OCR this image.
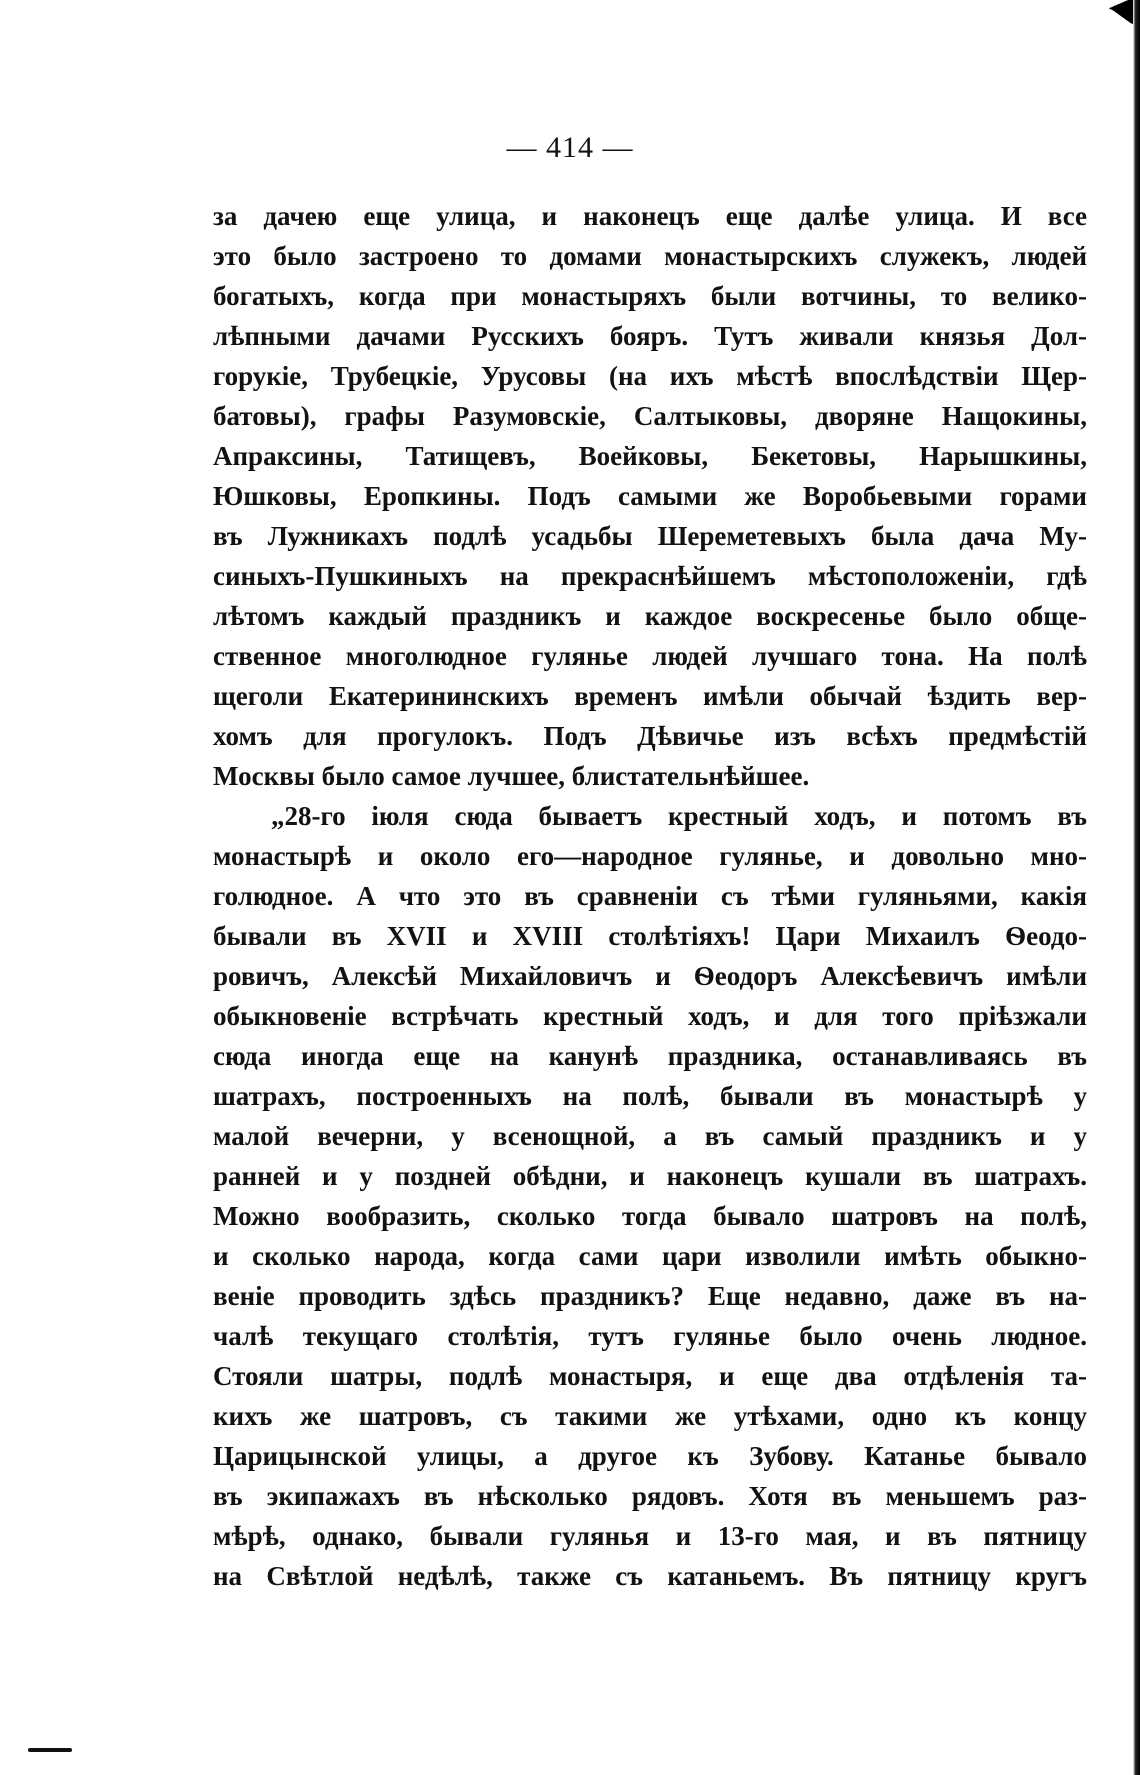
— 414 —
за дачею еще улица, и наконецъ еще далѣе улица. И все
это было застроено то домами монастырскихъ служекъ, людей
богатыхъ, когда при монастыряхъ были вотчины, то велико-
лѣпными дачами Русскихъ бояръ. Тутъ живали князья Дол-
горукіе, Трубецкіе, Урусовы (на ихъ мѣстѣ впослѣдствіи Щер-
батовы), графы Разумовскіе, Салтыковы, дворяне Нащокины,
Апраксины, Татищевъ, Воейковы, Бекетовы, Нарышкины,
Юшковы, Еропкины. Подъ самыми же Воробьевыми горами
въ Лужникахъ подлѣ усадьбы Шереметевыхъ была дача Му-
синыхъ-Пушкиныхъ на прекраснѣйшемъ мѣстоположеніи, гдѣ
лѣтомъ каждый праздникъ и каждое воскресенье было обще-
ственное многолюдное гулянье людей лучшаго тона. На полѣ
щеголи Екатерининскихъ временъ имѣли обычай ѣздить вер-
хомъ для прогулокъ. Подъ Дѣвичье изъ всѣхъ предмѣстій
Москвы было самое лучшее, блистательнѣйшее.
„28-го іюля сюда бываетъ крестный ходъ, и потомъ въ
монастырѣ и около его—народное гулянье, и довольно мно-
голюдное. А что это въ сравненіи съ тѣми гуляньями, какія
бывали въ XVII и XVIII столѣтіяхъ! Цари Михаилъ Ѳеодо-
ровичъ, Алексѣй Михайловичъ и Ѳеодоръ Алексѣевичъ имѣли
обыкновеніе встрѣчать крестный ходъ, и для того пріѣзжали
сюда иногда еще на канунѣ праздника, останавливаясь въ
шатрахъ, построенныхъ на полѣ, бывали въ монастырѣ у
малой вечерни, у всенощной, а въ самый праздникъ и у
ранней и у поздней обѣдни, и наконецъ кушали въ шатрахъ.
Можно вообразить, сколько тогда бывало шатровъ на полѣ,
и сколько народа, когда сами цари изволили имѣть обыкно-
веніе проводить здѣсь праздникъ? Еще недавно, даже въ на-
чалѣ текущаго столѣтія, тутъ гулянье было очень людное.
Стояли шатры, подлѣ монастыря, и еще два отдѣленія та-
кихъ же шатровъ, съ такими же утѣхами, одно къ концу
Царицынской улицы, а другое къ Зубову. Катанье бывало
въ экипажахъ въ нѣсколько рядовъ. Хотя въ меньшемъ раз-
мѣрѣ, однако, бывали гулянья и 13-го мая, и въ пятницу
на Свѣтлой недѣлѣ, также съ катаньемъ. Въ пятницу кругъ
